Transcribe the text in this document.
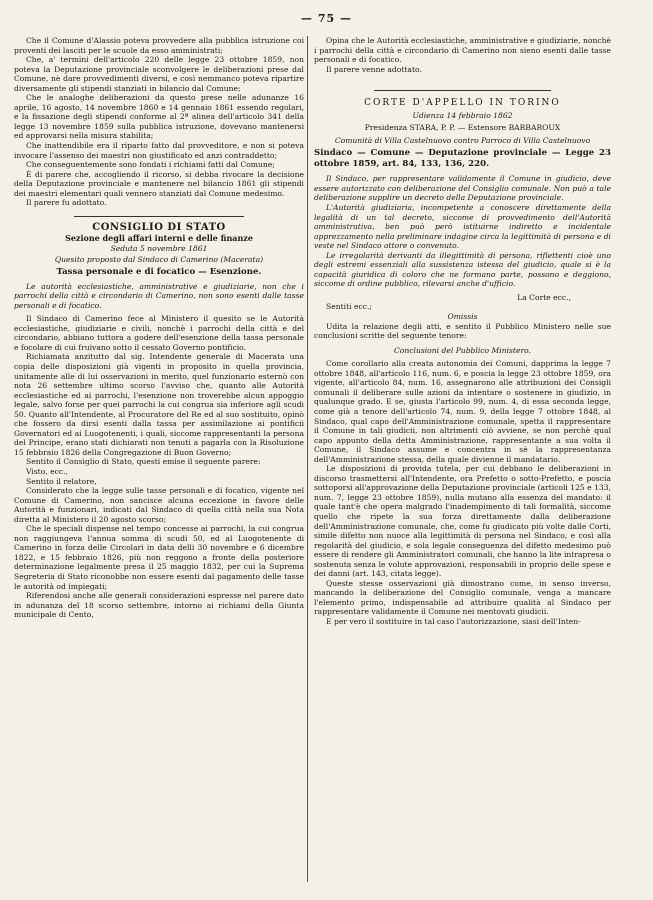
— 75 —

Che il Comune d'Alassio poteva provvedere alla pubblica istruzione coi proventi dei lasciti per le scuole da esso amministrati;

Che, a' termini dell'articolo 220 delle legge 23 ottobre 1859, non poteva la Deputazione provinciale sconvolgere le deliberazioni prese dal Comune, nè dare provvedimenti diversi, e così nemmanco poteva ripartire diversamente gli stipendi stanziati in bilancio dal Comune;

Che le analoghe deliberazioni da questo prese nelle adunanze 16 aprile, 16 agosto, 14 novembre 1860 e 14 gennaio 1861 essendo regolari, e la fissazione degli stipendi conforme al 2ª alinea dell'articolo 341 della legge 13 novembre 1859 sulla pubblica istruzione, dovevano mantenersi ed approvarsi nella misura stabilita;

Che inattendibile era il riparto fatto dal provveditore, e non si poteva invocare l'assenso dei maestri non giustificato ed anzi contraddetto;

Che conseguentemente sono fondati i richiami fatti dal Comune;

È di parere che, accogliendo il ricorso, si debba rivocare la decisione della Deputazione provinciale e mantenere nel bilancio 1861 gli stipendi dei maestri elementari quali vennero stanziati dal Comune medesimo.

Il parere fu adottato.

CONSIGLIO DI STATO
Sezione degli affari interni e delle finanze

Seduta 5 novembre 1861

Quesito proposto dal Sindaco di Camerino (Macerata)

Tassa personale e di focatico — Esenzione.

Le autorità ecclesiastiche, amministrative e giudiziarie, non che i parrochi della città e circondario di Camerino, non sono esenti dalle tasse personali e di focatico.

Il Sindaco di Camerino fece al Ministero il quesito se le Autorità ecclesiastiche, giudiziarie e civili, nonchè i parrochi della città e del circondario, abbiano tuttora a godere dell'esenzione della tassa personale e focolare di cui fruivano sotto il cessato Governo pontificio.

Richiamata anzitutto dal sig. Intendente generale di Macerata una copia delle disposizioni già vigenti in proposito in quella provincia, unitamente alle di lui osservazioni in merito, quel funzionario esternò con nota 26 settembre ultimo scorso l'avviso che, quanto alle Autorità ecclesiastiche ed ai parrochi, l'esenzione non troverebbe alcun appoggio legale, salvo forse per quei parrochi la cui congrua sia inferiore agli scudi 50. Quanto all'Intendente, al Procuratore del Re ed al suo sostituito, opinò che fossero da dirsi esenti dalla tassa per assimilazione ai pontificii Governatori ed ai Luogotenenti, i quali, siccome rappresentanti la persona del Principe, erano stati dichiarati non tenuti a pagarla con la Risoluzione 15 febbraio 1826 della Congregazione di Buon Governo;

Sentito il Consiglio di Stato, questi emise il seguente parere:

Visto, ecc.,

Sentito il relatore,

Considerato che la legge sulle tasse personali e di focatico, vigente nel Comune di Camerino, non sancisce alcuna eccezione in favore delle Autorità e funzionari, indicati dal Sindaco di quella città nella sua Nota diretta al Ministero il 20 agosto scorso;

Che le speciali dispense nel tempo concesse ai parrochi, la cui congrua non raggiungeva l'annua somma di scudi 50, ed al Luogotenente di Camerino in forza delle Circolari in data delli 30 novembre e 6 dicembre 1822, e 15 febbraio 1826, più non reggono a fronte della posteriore determinazione legalmente presa il 25 maggio 1832, per cui la Suprema Segreteria di Stato riconobbe non essere esenti dal pagamento delle tasse le autorità od impiegati;

Riferendosi anche alle generali considerazioni espresse nel parere dato in adunanza del 18 scorso settembre, intorno ai richiami della Giunta municipale di Cento,

Opina che le Autorità ecclesiastiche, amministrative e giudiziarie, nonchè i parrochi della città e circondario di Camerino non sieno esenti dalle tasse personali e di focatico.

Il parere venne adottato.

CORTE D'APPELLO IN TORINO

Udienza 14 febbraio 1862

Presidenza STARA, P. P. — Estensore BARBAROUX

Comunità di Villa Castelnuovo contro Parroco di Villa Castelnuovo

Sindaco — Comune — Deputazione provinciale — Legge 23 ottobre 1859, art. 84, 133, 136, 220.

Il Sindaco, per rappresentare validamente il Comune in giudicio, deve essere autorizzato con deliberazione del Consiglio comunale. Non può a tale deliberazione supplire un decreto della Deputazione provinciale.

L'Autorità giudiziaria, incompetente a conoscere direttamente della legalità di un tal decreto, siccome di provvedimento dell'Autorità amministrativa, ben può però istituirne indiretto e incidentale apprezzamento nella preliminare indagine circa la legittimità di persona e di veste nel Sindaco attore o convenuto.

Le irregolarità derivanti da illegittimità di persona, riflettenti cioè uno degli estremi essenziali alla sussistenza istessa del giudicio, quale si è la capacità giuridica di coloro che ne formano parte, possono e deggiono, siccome di ordine pubblico, rilevarsi anche d'ufficio.

La Corte ecc.,

Sentiti ecc.;

Omissis

Udita la relazione degli atti, e sentito il Pubblico Ministero nelle sue conclusioni scritte del seguente tenore:

Conclusioni del Pubblico Ministero.

Come corollario alla creata autonomia dei Comuni, dapprima la legge 7 ottobre 1848, all'articolo 116, num. 6, e poscia la legge 23 ottobre 1859, ora vigente, all'articolo 84, num. 16, assegnarono alle attribuzioni dei Consigli comunali il deliberare sulle azioni da intentare o sostenere in giudizio, in qualunque grado. E se, giusta l'articolo 99, num. 4, di essa seconda legge, come già a tenore dell'articolo 74, num. 9, della legge 7 ottobre 1848, al Sindaco, qual capo dell'Amministrazione comunale, spetta il rappresentare il Comune in tali giudicii, non altrimenti ciò avviene, se non perchè qual capo appunto della detta Amministrazione, rappresentante a sua volta il Comune, il Sindaco assume e concentra in sè la rappresentanza dell'Amministrazione stessa, della quale divienne il mandatario.

Le disposizioni di provida tutela, per cui debbano le deliberazioni in discorso trasmettersi all'Intendente, ora Prefetto o sotto-Prefetto, e poscia sottoporsi all'approvazione della Deputazione provinciale (articoli 125 e 133, num. 7, legge 23 ottobre 1859), nulla mutano alla essenza del mandato: il quale tant'è che opera malgrado l'inadempimento di tali formalità, siccome quello che ripete la sua forza direttamente dalla deliberazione dell'Amministrazione comunale, che, come fu giudicato più volte dalle Corti, simile difetto non nuoce alla legittimità di persona nel Sindaco, e così alla regolarità del giudicio, e sola legale conseguenza del difetto medesimo può essere di rendere gli Amministratori comunali, che hanno la lite intrapresa o sostenuta senza le volute approvazioni, responsabili in proprio delle spese e dei danni (art. 143, citata legge).

Queste stesse osservazioni già dimostrano come, in senso inverso, mancando la deliberazione del Consiglio comunale, venga a mancare l'elemento primo, indispensabile ad attribuire qualità al Sindaco per rappresentare validamente il Comune nei mentovati giudicii.

E per vero il sostituire in tal caso l'autorizzazione, siasi dell'Inten-
